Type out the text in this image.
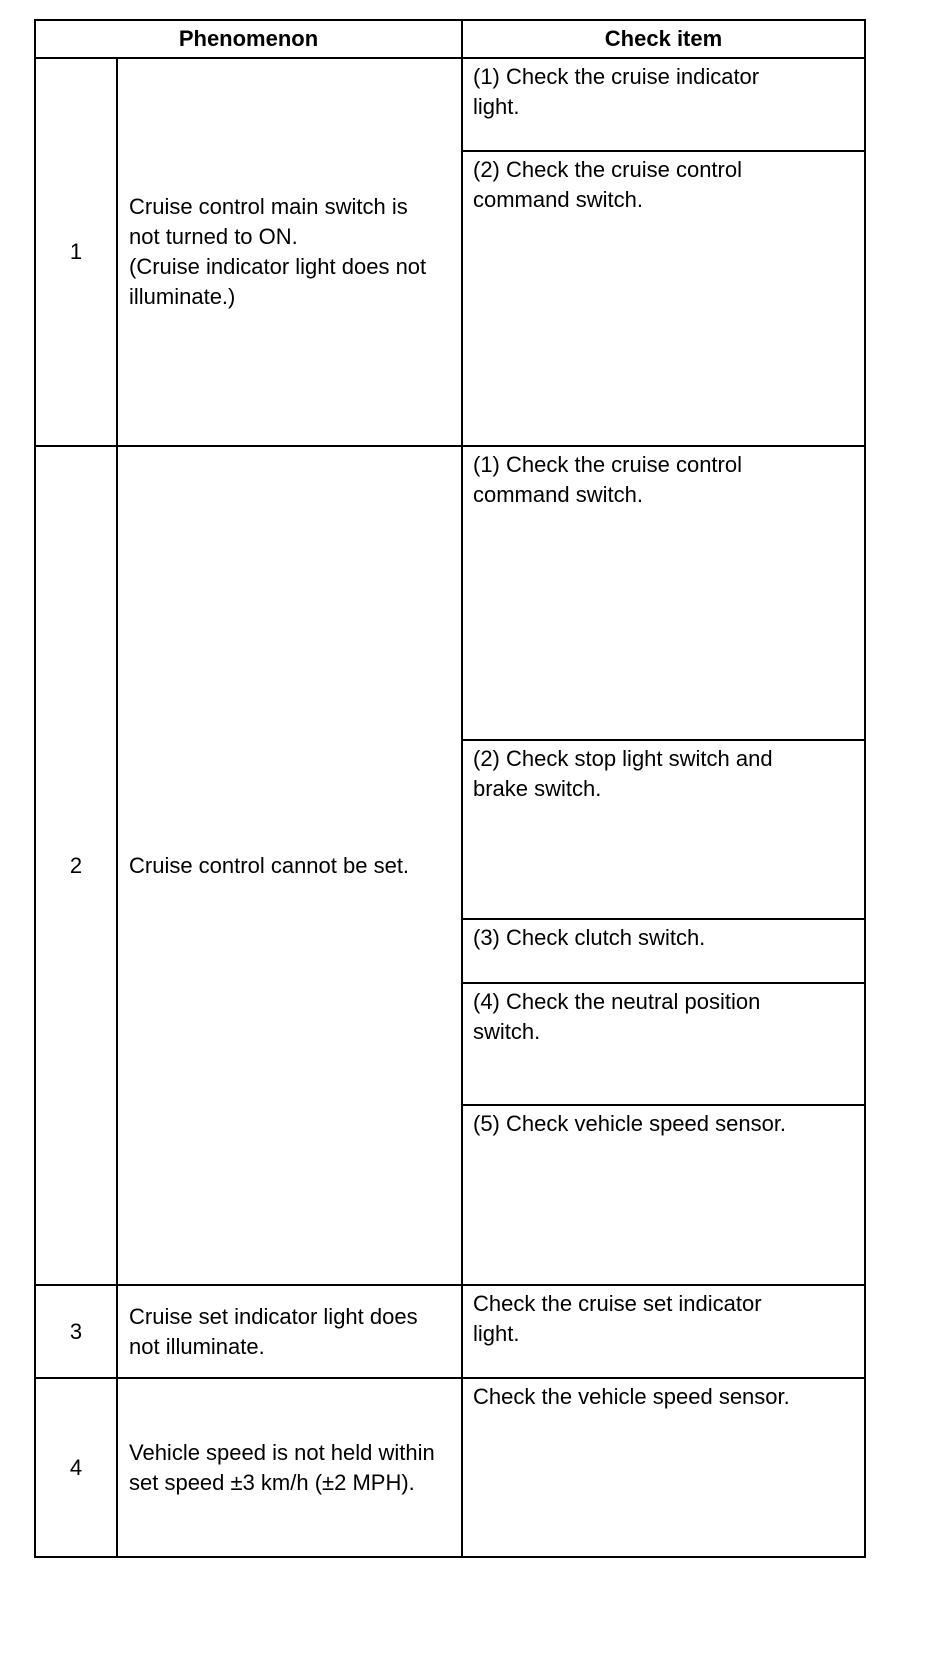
Phenomenon		Check item
1	Cruise control main switch is
not turned to ON.
(Cruise indicator light does not
illuminate.)	(1) Check the cruise indicator
light.

		(2) Check the cruise control
command switch.

2	Cruise control cannot be set.	(1) Check the cruise control
command switch.

		(2) Check stop light switch and
brake switch.

		(3) Check clutch switch.

		(4) Check the neutral position
switch.

		(5) Check vehicle speed sensor.

3	Cruise set indicator light does
not illuminate.	Check the cruise set indicator
light.

4	Vehicle speed is not held within
set speed ±3 km/h (±2 MPH).	Check the vehicle speed sensor.
